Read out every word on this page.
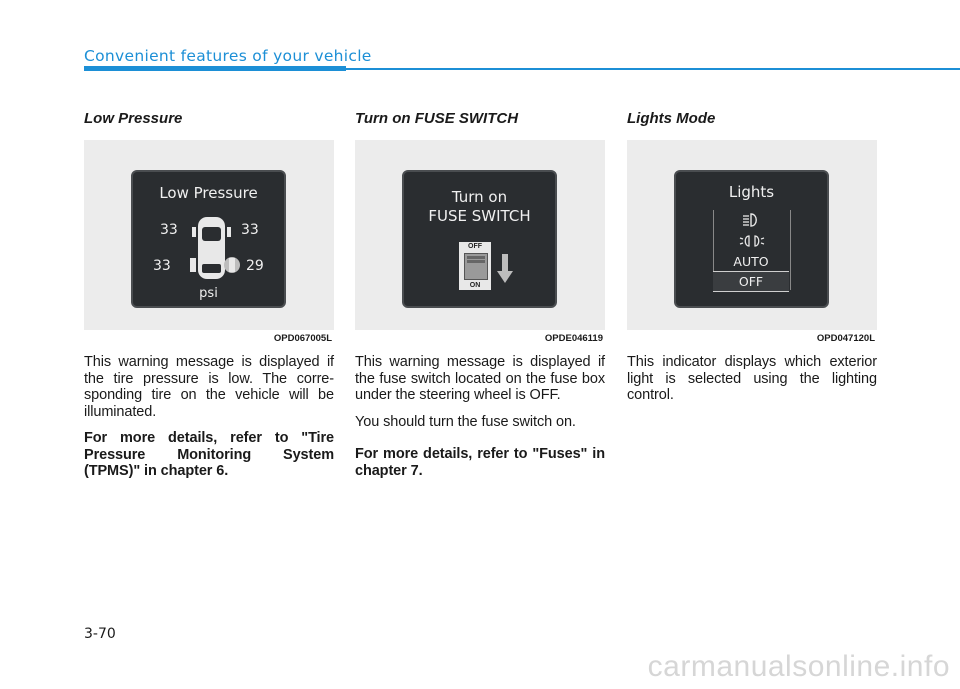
Convenient features of your vehicle
Low Pressure
Low Pressure
33	33
33	29
psi
OPD067005L

This warning message is displayed if the tire pressure is low. The corre-sponding tire on the vehicle will be illuminated.

For more details, refer to "Tire Pressure Monitoring System (TPMS)" in chapter 6.

Turn on FUSE SWITCH
Turn on
FUSE SWITCH
OFF
ON
OPDE046119

This warning message is displayed if the fuse switch located on the fuse box under the steering wheel is OFF.

You should turn the fuse switch on.

For more details, refer to "Fuses" in chapter 7.

Lights Mode
Lights
AUTO
OFF
OPD047120L

This indicator displays which exterior light is selected using the lighting control.

3-70
carmanualsonline.info
